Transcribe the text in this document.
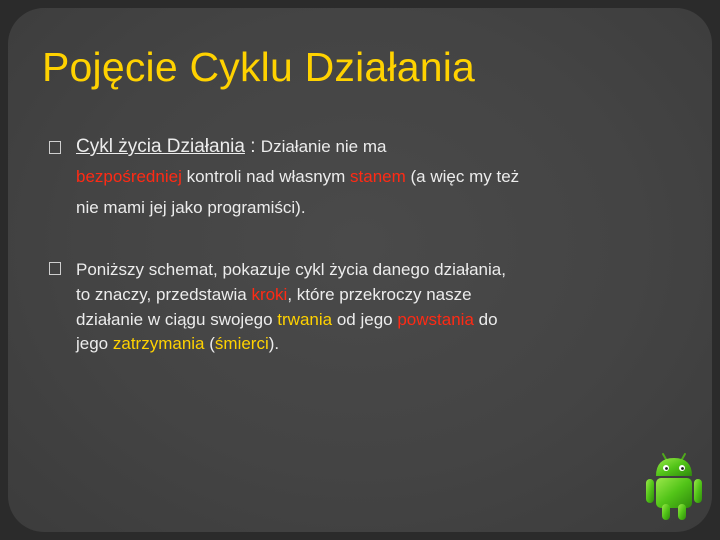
Pojęcie Cyklu Działania
Cykl życia Działania : Działanie nie ma
bezpośredniej kontroli nad własnym stanem (a więc my też
nie mami jej jako programiści).
Poniższy schemat, pokazuje cykl życia danego działania,
to znaczy, przedstawia kroki, które przekroczy nasze
działanie w ciągu swojego trwania od jego powstania do
jego zatrzymania (śmierci).
